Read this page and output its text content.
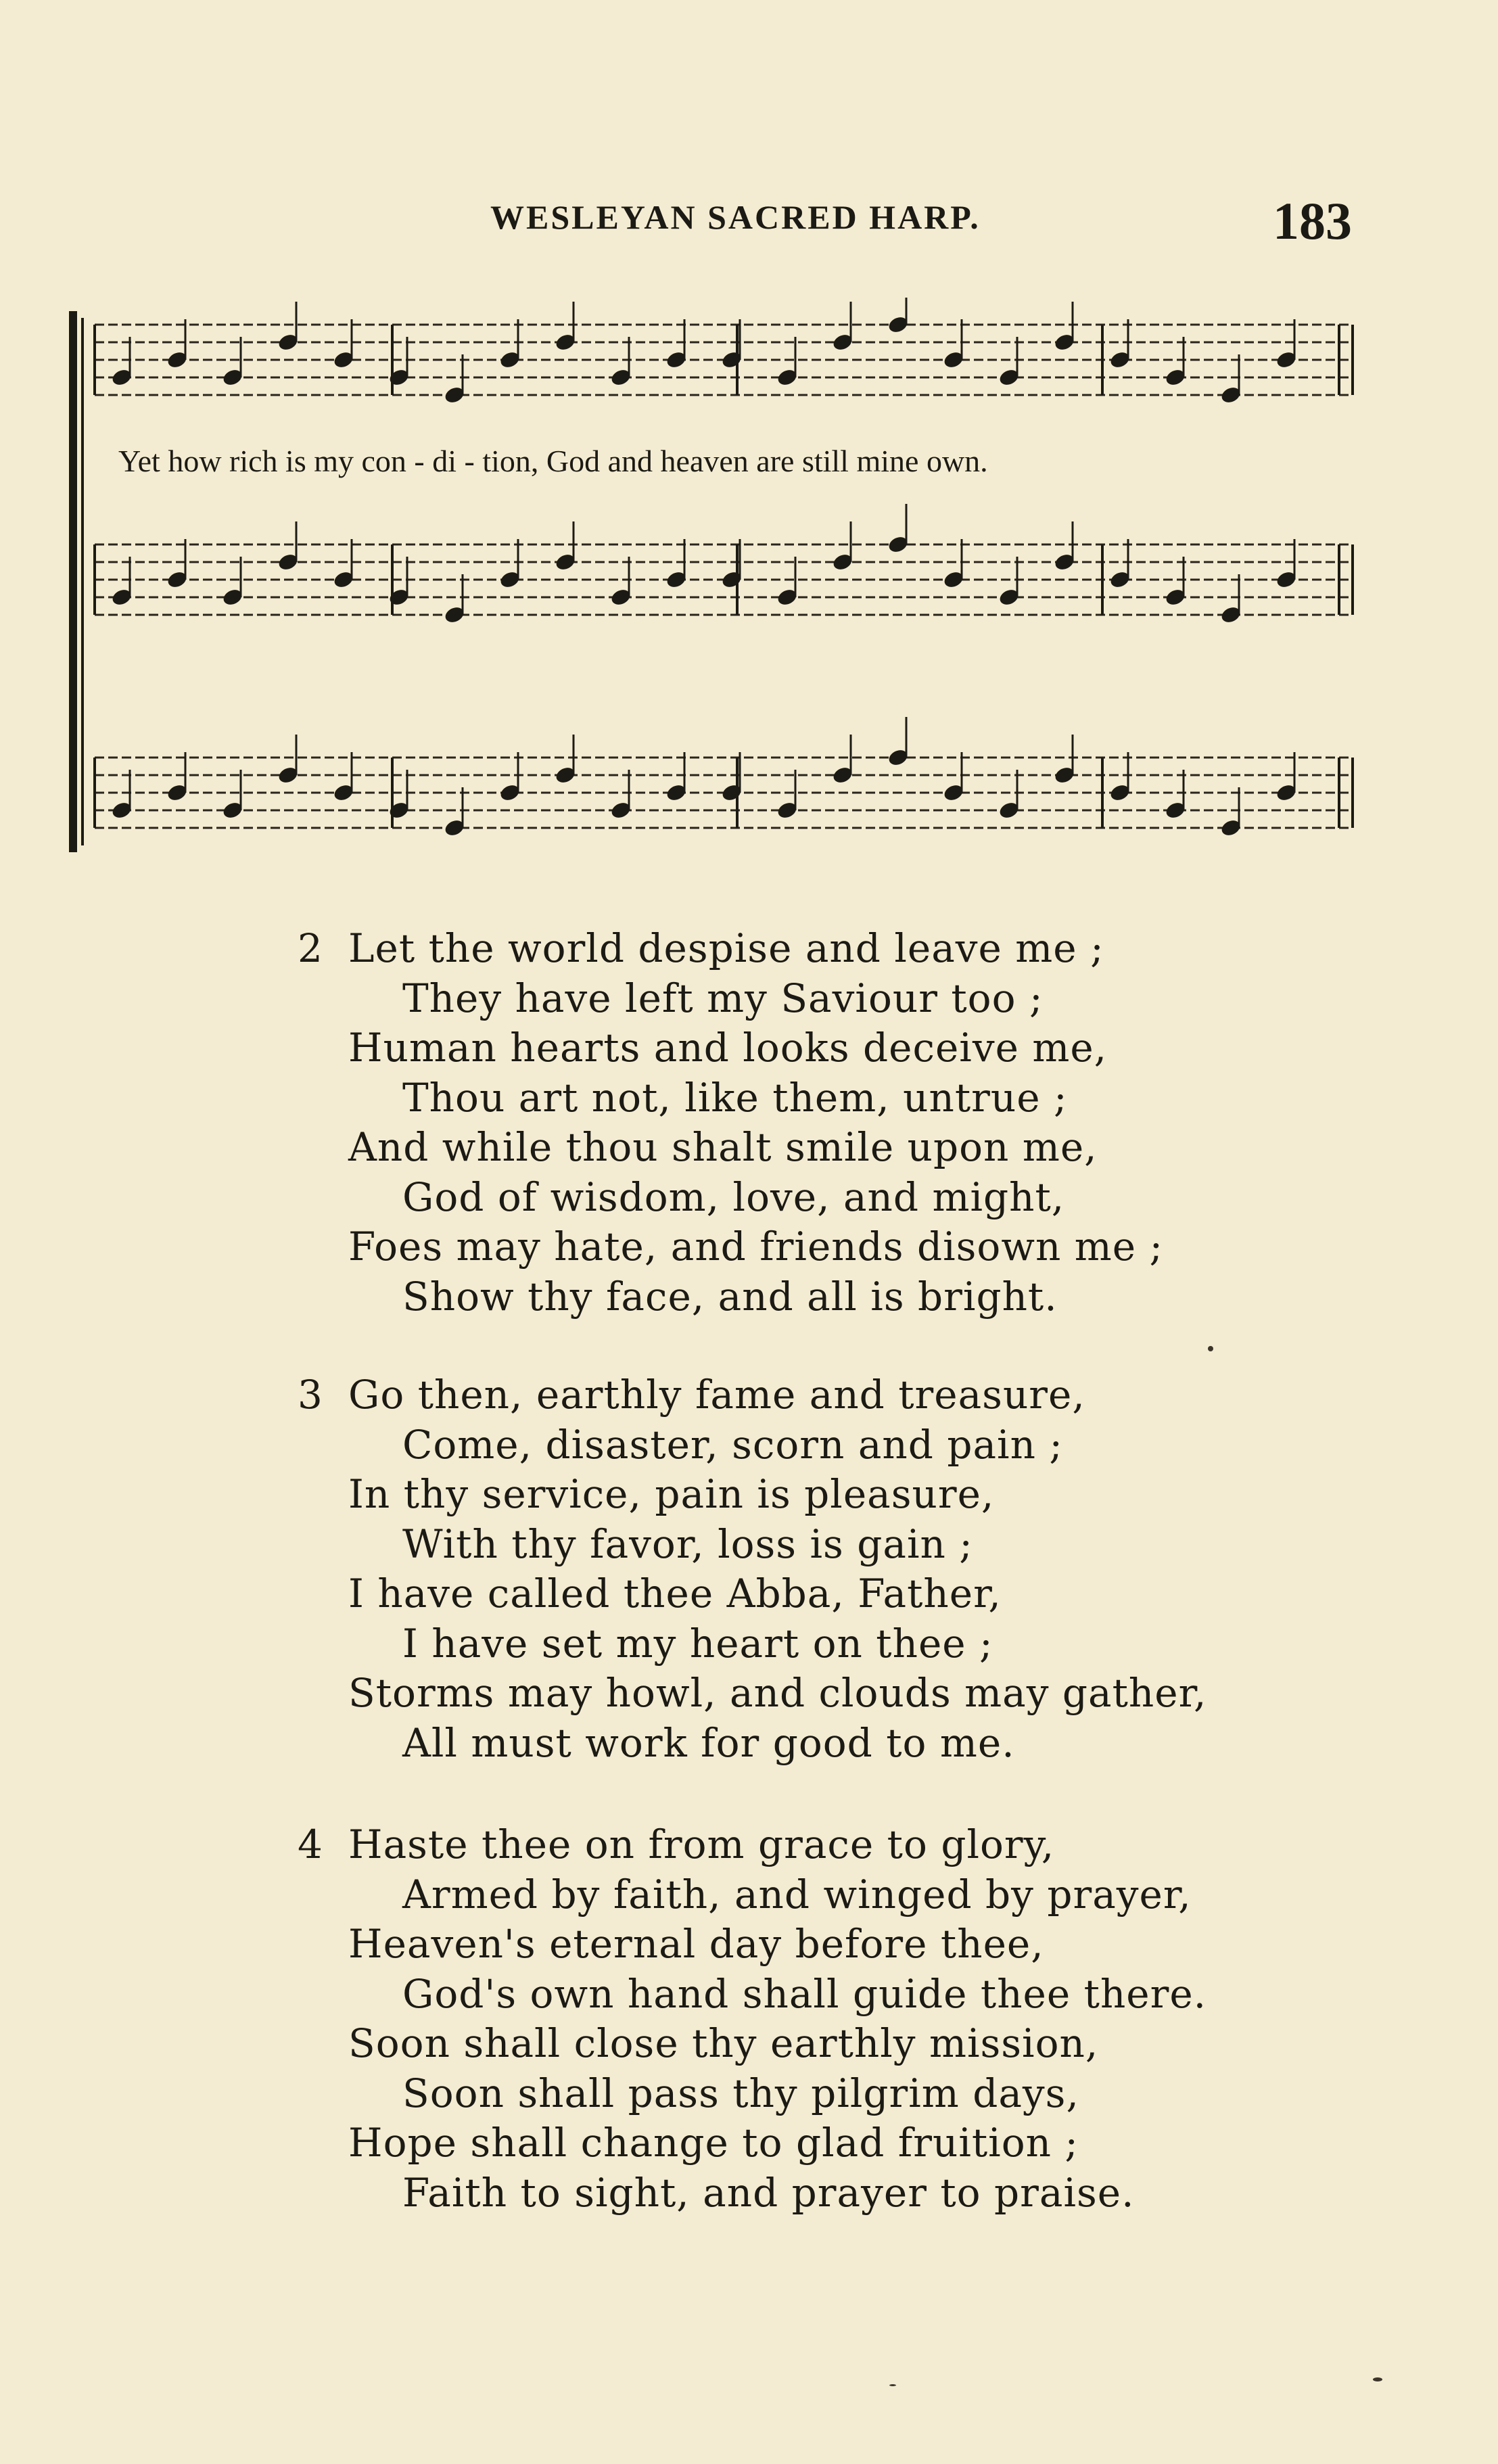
WESLEYAN SACRED HARP.	183
Yet how rich is my con - di - tion, God and heaven are still mine own.
2 Let the world despise and leave me ;
They have left my Saviour too ;
Human hearts and looks deceive me,
Thou art not, like them, untrue ;
And while thou shalt smile upon me,
God of wisdom, love, and might,
Foes may hate, and friends disown me ;
Show thy face, and all is bright.
3 Go then, earthly fame and treasure,
Come, disaster, scorn and pain ;
In thy service, pain is pleasure,
With thy favor, loss is gain ;
I have called thee Abba, Father,
I have set my heart on thee ;
Storms may howl, and clouds may gather,
All must work for good to me.
4 Haste thee on from grace to glory,
Armed by faith, and winged by prayer,
Heaven's eternal day before thee,
God's own hand shall guide thee there.
Soon shall close thy earthly mission,
Soon shall pass thy pilgrim days,
Hope shall change to glad fruition ;
Faith to sight, and prayer to praise.
